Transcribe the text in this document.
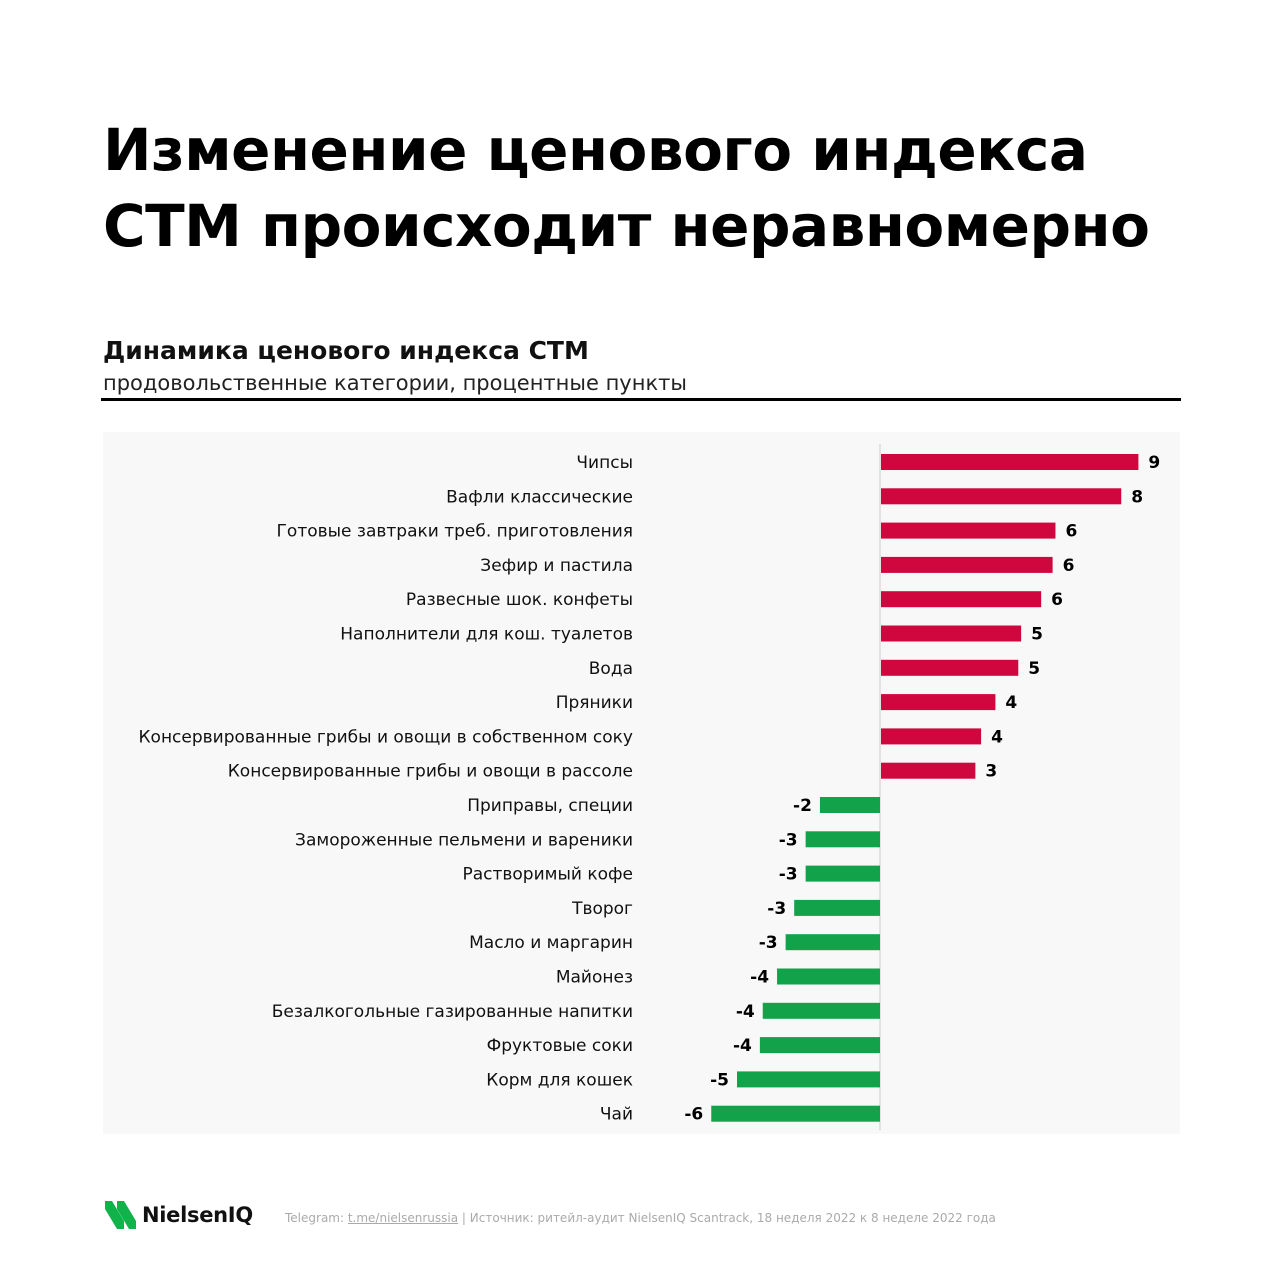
Изменение ценового индекса
СТМ происходит неравномерно
Динамика ценового индекса СТМ
продовольственные категории, процентные пункты
Чипсы	9
Вафли классические	8
Готовые завтраки треб. приготовления	6
Зефир и пастила	6
Развесные шок. конфеты	6
Наполнители для кош. туалетов	5
Вода	5
Пряники	4
Консервированные грибы и овощи в собственном соку	4
Консервированные грибы и овощи в рассоле	3
Приправы, специи	-2
Замороженные пельмени и вареники	-3
Растворимый кофе	-3
Творог	-3
Масло и маргарин	-3
Майонез	-4
Безалкогольные газированные напитки	-4
Фруктовые соки	-4
Корм для кошек	-5
Чай	-6
NielsenIQ	Telegram: t.me/nielsenrussia | Источник: ритейл-аудит NielsenIQ Scantrack, 18 неделя 2022 к 8 неделе 2022 года
